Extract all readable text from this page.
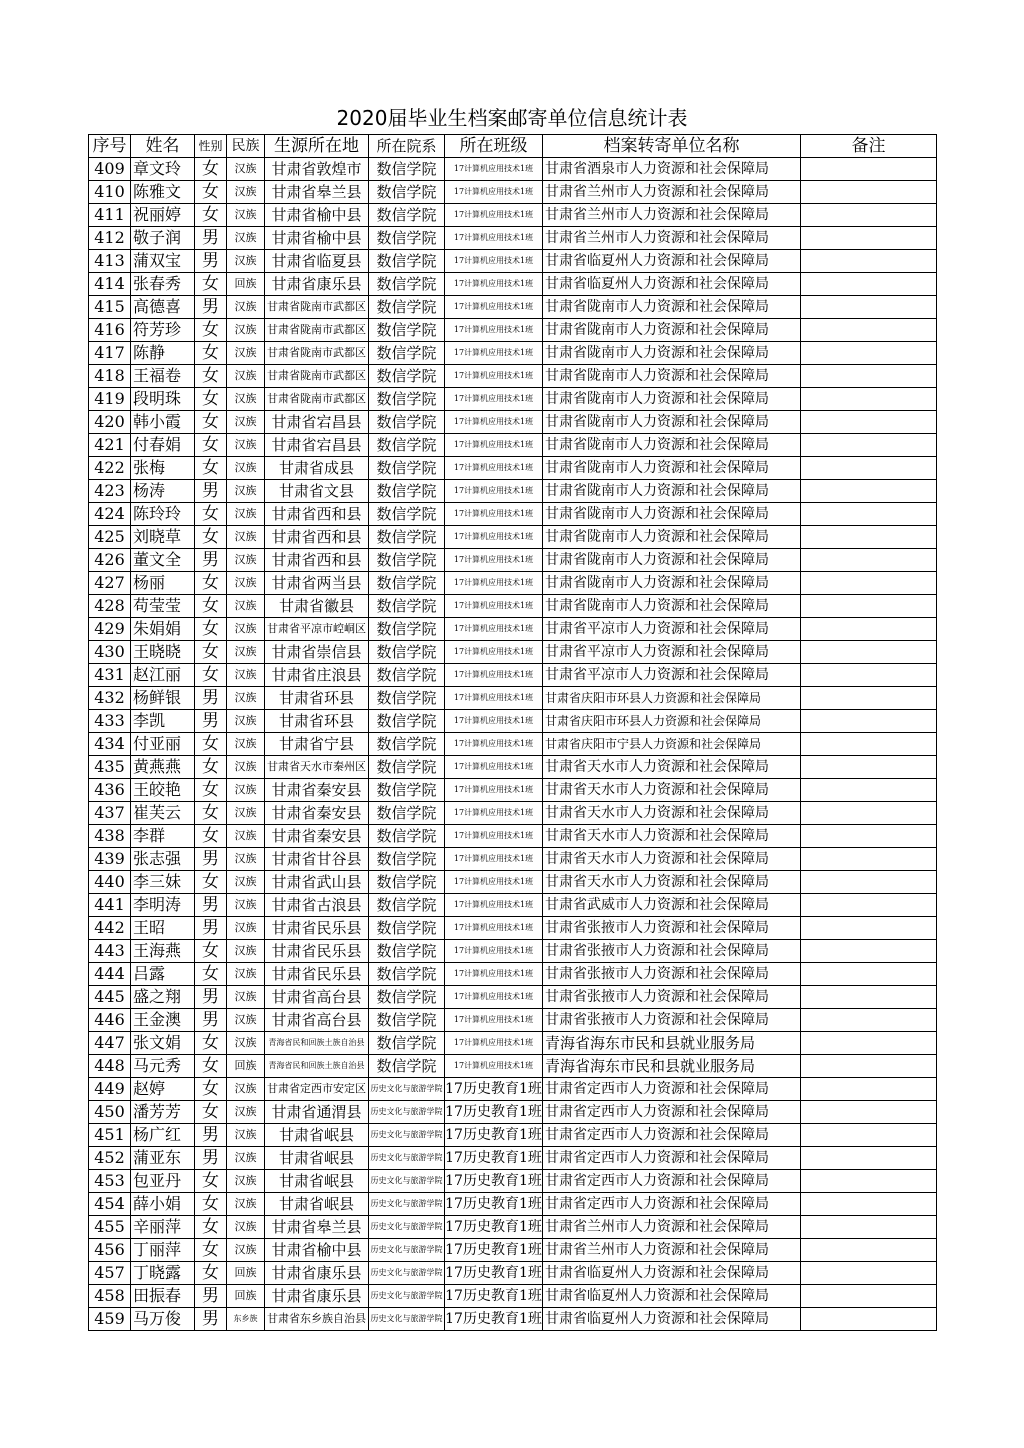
2020届毕业生档案邮寄单位信息统计表
序号	姓名	性别	民族	生源所在地	所在院系	所在班级	档案转寄单位名称	备注
409	章文玲	女	汉族	甘肃省敦煌市	数信学院	17计算机应用技术1班	甘肃省酒泉市人力资源和社会保障局	
410	陈雅文	女	汉族	甘肃省皋兰县	数信学院	17计算机应用技术1班	甘肃省兰州市人力资源和社会保障局	
411	祝丽婷	女	汉族	甘肃省榆中县	数信学院	17计算机应用技术1班	甘肃省兰州市人力资源和社会保障局	
412	敬子润	男	汉族	甘肃省榆中县	数信学院	17计算机应用技术1班	甘肃省兰州市人力资源和社会保障局	
413	蒲双宝	男	汉族	甘肃省临夏县	数信学院	17计算机应用技术1班	甘肃省临夏州人力资源和社会保障局	
414	张春秀	女	回族	甘肃省康乐县	数信学院	17计算机应用技术1班	甘肃省临夏州人力资源和社会保障局	
415	高德喜	男	汉族	甘肃省陇南市武都区	数信学院	17计算机应用技术1班	甘肃省陇南市人力资源和社会保障局	
416	符芳珍	女	汉族	甘肃省陇南市武都区	数信学院	17计算机应用技术1班	甘肃省陇南市人力资源和社会保障局	
417	陈静	女	汉族	甘肃省陇南市武都区	数信学院	17计算机应用技术1班	甘肃省陇南市人力资源和社会保障局	
418	王福卷	女	汉族	甘肃省陇南市武都区	数信学院	17计算机应用技术1班	甘肃省陇南市人力资源和社会保障局	
419	段明珠	女	汉族	甘肃省陇南市武都区	数信学院	17计算机应用技术1班	甘肃省陇南市人力资源和社会保障局	
420	韩小霞	女	汉族	甘肃省宕昌县	数信学院	17计算机应用技术1班	甘肃省陇南市人力资源和社会保障局	
421	付春娟	女	汉族	甘肃省宕昌县	数信学院	17计算机应用技术1班	甘肃省陇南市人力资源和社会保障局	
422	张梅	女	汉族	甘肃省成县	数信学院	17计算机应用技术1班	甘肃省陇南市人力资源和社会保障局	
423	杨涛	男	汉族	甘肃省文县	数信学院	17计算机应用技术1班	甘肃省陇南市人力资源和社会保障局	
424	陈玲玲	女	汉族	甘肃省西和县	数信学院	17计算机应用技术1班	甘肃省陇南市人力资源和社会保障局	
425	刘晓草	女	汉族	甘肃省西和县	数信学院	17计算机应用技术1班	甘肃省陇南市人力资源和社会保障局	
426	董文全	男	汉族	甘肃省西和县	数信学院	17计算机应用技术1班	甘肃省陇南市人力资源和社会保障局	
427	杨丽	女	汉族	甘肃省两当县	数信学院	17计算机应用技术1班	甘肃省陇南市人力资源和社会保障局	
428	苟莹莹	女	汉族	甘肃省徽县	数信学院	17计算机应用技术1班	甘肃省陇南市人力资源和社会保障局	
429	朱娟娟	女	汉族	甘肃省平凉市崆峒区	数信学院	17计算机应用技术1班	甘肃省平凉市人力资源和社会保障局	
430	王晓晓	女	汉族	甘肃省崇信县	数信学院	17计算机应用技术1班	甘肃省平凉市人力资源和社会保障局	
431	赵江丽	女	汉族	甘肃省庄浪县	数信学院	17计算机应用技术1班	甘肃省平凉市人力资源和社会保障局	
432	杨鲜银	男	汉族	甘肃省环县	数信学院	17计算机应用技术1班	甘肃省庆阳市环县人力资源和社会保障局	
433	李凯	男	汉族	甘肃省环县	数信学院	17计算机应用技术1班	甘肃省庆阳市环县人力资源和社会保障局	
434	付亚丽	女	汉族	甘肃省宁县	数信学院	17计算机应用技术1班	甘肃省庆阳市宁县人力资源和社会保障局	
435	黄燕燕	女	汉族	甘肃省天水市秦州区	数信学院	17计算机应用技术1班	甘肃省天水市人力资源和社会保障局	
436	王皎艳	女	汉族	甘肃省秦安县	数信学院	17计算机应用技术1班	甘肃省天水市人力资源和社会保障局	
437	崔芙云	女	汉族	甘肃省秦安县	数信学院	17计算机应用技术1班	甘肃省天水市人力资源和社会保障局	
438	李群	女	汉族	甘肃省秦安县	数信学院	17计算机应用技术1班	甘肃省天水市人力资源和社会保障局	
439	张志强	男	汉族	甘肃省甘谷县	数信学院	17计算机应用技术1班	甘肃省天水市人力资源和社会保障局	
440	李三妹	女	汉族	甘肃省武山县	数信学院	17计算机应用技术1班	甘肃省天水市人力资源和社会保障局	
441	李明涛	男	汉族	甘肃省古浪县	数信学院	17计算机应用技术1班	甘肃省武威市人力资源和社会保障局	
442	王昭	男	汉族	甘肃省民乐县	数信学院	17计算机应用技术1班	甘肃省张掖市人力资源和社会保障局	
443	王海燕	女	汉族	甘肃省民乐县	数信学院	17计算机应用技术1班	甘肃省张掖市人力资源和社会保障局	
444	吕露	女	汉族	甘肃省民乐县	数信学院	17计算机应用技术1班	甘肃省张掖市人力资源和社会保障局	
445	盛之翔	男	汉族	甘肃省高台县	数信学院	17计算机应用技术1班	甘肃省张掖市人力资源和社会保障局	
446	王金澳	男	汉族	甘肃省高台县	数信学院	17计算机应用技术1班	甘肃省张掖市人力资源和社会保障局	
447	张文娟	女	汉族	青海省民和回族土族自治县	数信学院	17计算机应用技术1班	青海省海东市民和县就业服务局	
448	马元秀	女	回族	青海省民和回族土族自治县	数信学院	17计算机应用技术1班	青海省海东市民和县就业服务局	
449	赵婷	女	汉族	甘肃省定西市安定区	历史文化与旅游学院	17历史教育1班	甘肃省定西市人力资源和社会保障局	
450	潘芳芳	女	汉族	甘肃省通渭县	历史文化与旅游学院	17历史教育1班	甘肃省定西市人力资源和社会保障局	
451	杨广红	男	汉族	甘肃省岷县	历史文化与旅游学院	17历史教育1班	甘肃省定西市人力资源和社会保障局	
452	蒲亚东	男	汉族	甘肃省岷县	历史文化与旅游学院	17历史教育1班	甘肃省定西市人力资源和社会保障局	
453	包亚丹	女	汉族	甘肃省岷县	历史文化与旅游学院	17历史教育1班	甘肃省定西市人力资源和社会保障局	
454	薛小娟	女	汉族	甘肃省岷县	历史文化与旅游学院	17历史教育1班	甘肃省定西市人力资源和社会保障局	
455	辛丽萍	女	汉族	甘肃省皋兰县	历史文化与旅游学院	17历史教育1班	甘肃省兰州市人力资源和社会保障局	
456	丁丽萍	女	汉族	甘肃省榆中县	历史文化与旅游学院	17历史教育1班	甘肃省兰州市人力资源和社会保障局	
457	丁晓露	女	回族	甘肃省康乐县	历史文化与旅游学院	17历史教育1班	甘肃省临夏州人力资源和社会保障局	
458	田振春	男	回族	甘肃省康乐县	历史文化与旅游学院	17历史教育1班	甘肃省临夏州人力资源和社会保障局	
459	马万俊	男	东乡族	甘肃省东乡族自治县	历史文化与旅游学院	17历史教育1班	甘肃省临夏州人力资源和社会保障局	
